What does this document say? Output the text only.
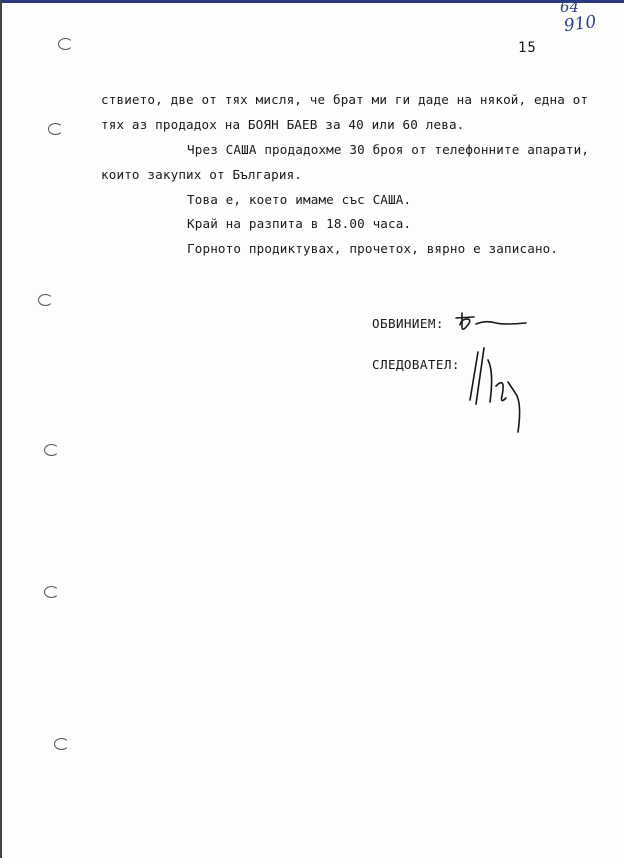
64
910
15
ствието, две от тях мисля, че брат ми ги даде на някой, една от
тях аз продадох на БОЯН БАЕВ за 40 или 60 лева.
Чрез САША продадохме 30 броя от телефонните апарати,
които закупих от България.
Това е, което имаме със САША.
Край на разпита в 18.00 часа.
Горното продиктувах, прочетох, вярно е записано.
ОБВИНИЕМ:
СЛЕДОВАТЕЛ:
